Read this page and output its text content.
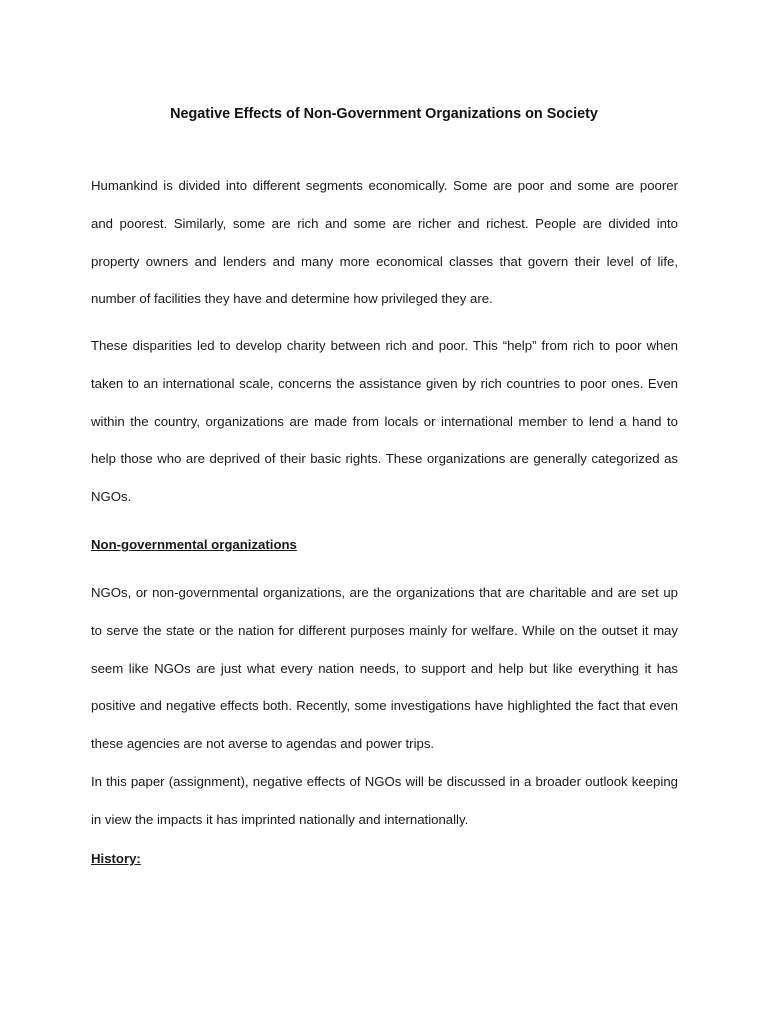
Negative Effects of Non-Government Organizations on Society

Humankind is divided into different segments economically. Some are poor and some are poorer and poorest. Similarly, some are rich and some are richer and richest. People are divided into property owners and lenders and many more economical classes that govern their level of life, number of facilities they have and determine how privileged they are.

These disparities led to develop charity between rich and poor. This “help” from rich to poor when taken to an international scale, concerns the assistance given by rich countries to poor ones. Even within the country, organizations are made from locals or international member to lend a hand to help those who are deprived of their basic rights. These organizations are generally categorized as NGOs.

Non-governmental organizations

NGOs, or non-governmental organizations, are the organizations that are charitable and are set up to serve the state or the nation for different purposes mainly for welfare. While on the outset it may seem like NGOs are just what every nation needs, to support and help but like everything it has positive and negative effects both. Recently, some investigations have highlighted the fact that even these agencies are not averse to agendas and power trips.

In this paper (assignment), negative effects of NGOs will be discussed in a broader outlook keeping in view the impacts it has imprinted nationally and internationally.

History:
